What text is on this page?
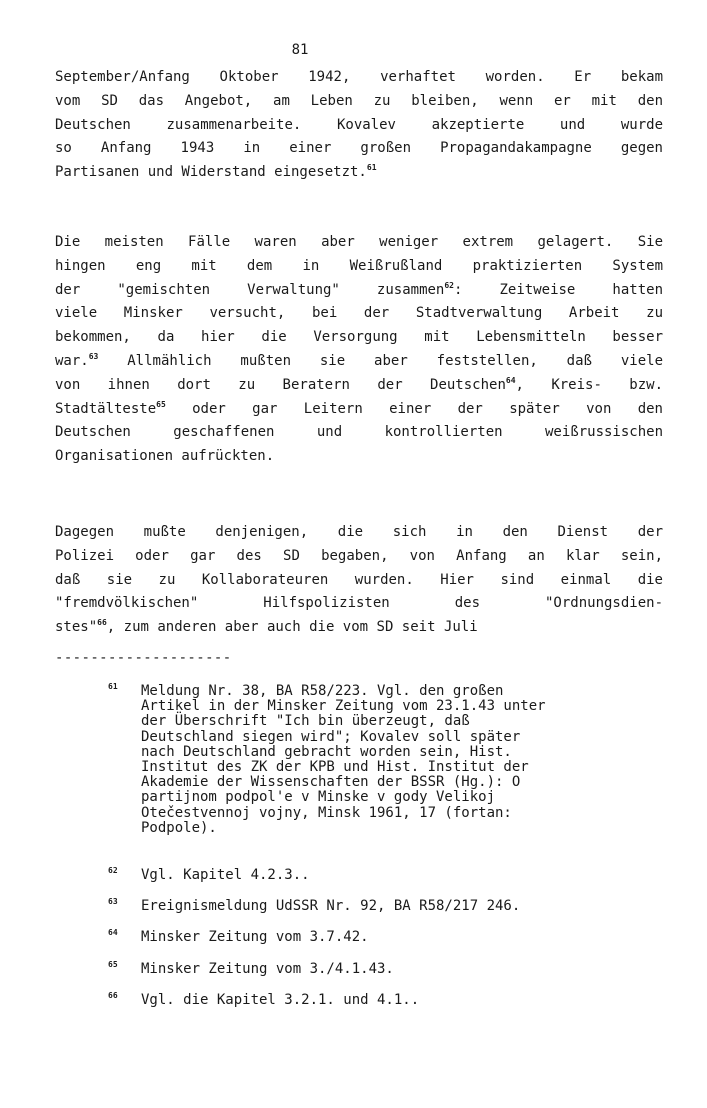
81
September/Anfang Oktober 1942, verhaftet worden. Er bekam
vom SD das Angebot, am Leben zu bleiben, wenn er mit den
Deutschen zusammenarbeite. Kovalev akzeptierte und wurde
so Anfang 1943 in einer großen Propagandakampagne gegen
Partisanen und Widerstand eingesetzt.$^{61}$
Die meisten Fälle waren aber weniger extrem gelagert. Sie
hingen eng mit dem in Weißrußland praktizierten System
der "gemischten Verwaltung" zusammen$^{62}$: Zeitweise hatten
viele Minsker versucht, bei der Stadtverwaltung Arbeit zu
bekommen, da hier die Versorgung mit Lebensmitteln besser
war.$^{63}$ Allmählich mußten sie aber feststellen, daß viele
von ihnen dort zu Beratern der Deutschen$^{64}$, Kreis- bzw.
Stadtälteste$^{65}$ oder gar Leitern einer der später von den
Deutschen geschaffenen und kontrollierten weißrussischen
Organisationen aufrückten.
Dagegen mußte denjenigen, die sich in den Dienst der
Polizei oder gar des SD begaben, von Anfang an klar sein,
daß sie zu Kollaborateuren wurden. Hier sind einmal die
"fremdvölkischen" Hilfspolizisten des "Ordnungsdien-
stes"$^{66}$, zum anderen aber auch die vom SD seit Juli
--------------------
61 Meldung Nr. 38, BA R58/223. Vgl. den großen
Artikel in der Minsker Zeitung vom 23.1.43 unter
der Überschrift "Ich bin überzeugt, daß
Deutschland siegen wird"; Kovalev soll später
nach Deutschland gebracht worden sein, Hist.
Institut des ZK der KPB und Hist. Institut der
Akademie der Wissenschaften der BSSR (Hg.): O
partijnom podpol'e v Minske v gody Velikoj
Otečestvennoj vojny, Minsk 1961, 17 (fortan:
Podpole).
62 Vgl. Kapitel 4.2.3..
63 Ereignismeldung UdSSR Nr. 92, BA R58/217 246.
64 Minsker Zeitung vom 3.7.42.
65 Minsker Zeitung vom 3./4.1.43.
66 Vgl. die Kapitel 3.2.1. und 4.1..
